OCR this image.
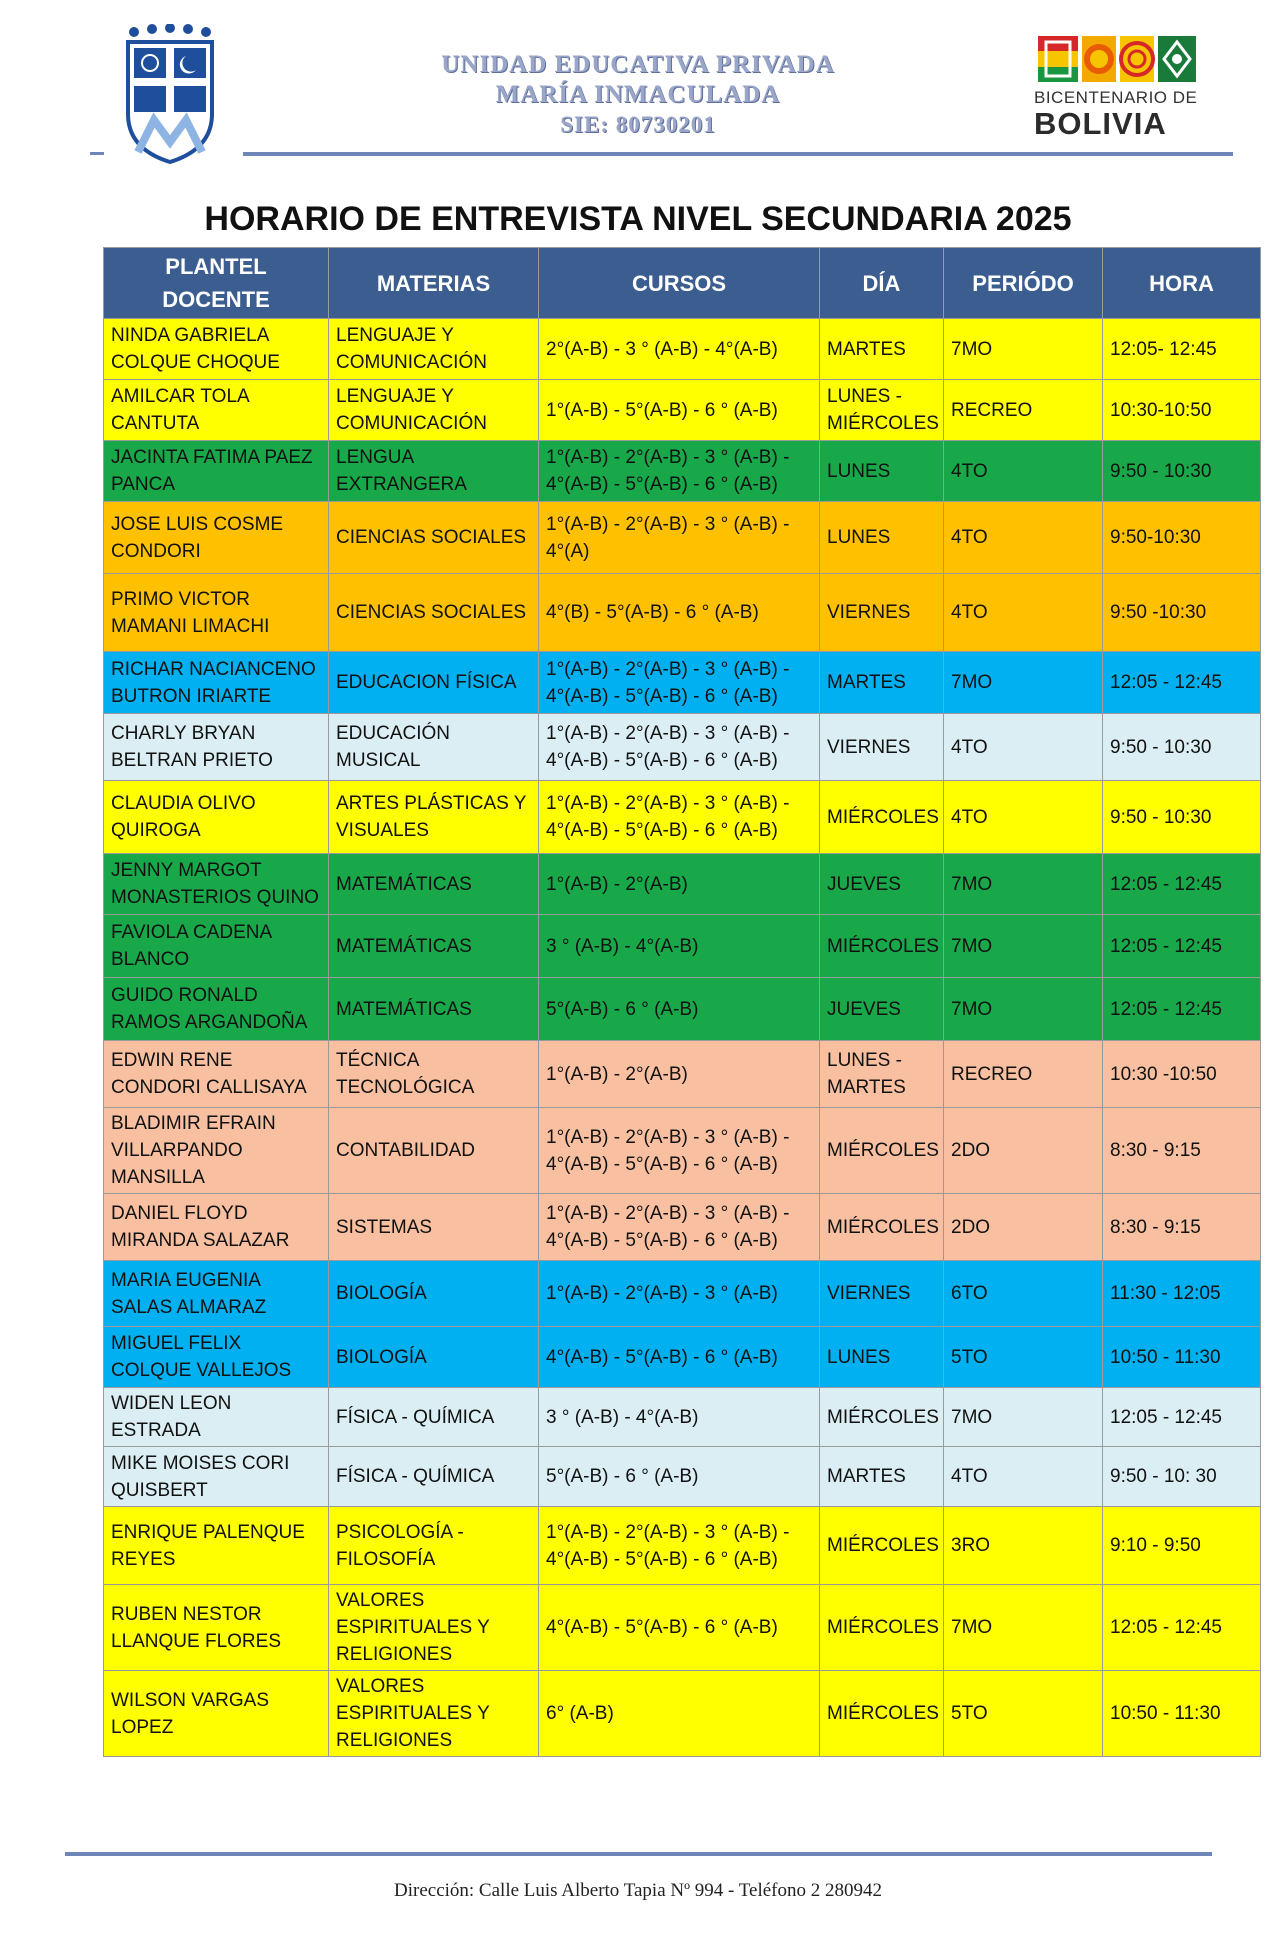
UNIDAD EDUCATIVA PRIVADA
MARÍA INMACULADA
SIE: 80730201
BICENTENARIO DE
BOLIVIA
HORARIO DE ENTREVISTA NIVEL SECUNDARIA 2025
PLANTEL
DOCENTE	MATERIAS	CURSOS	DÍA	PERIÓDO	HORA
NINDA GABRIELA COLQUE CHOQUE	LENGUAJE Y COMUNICACIÓN	2°(A-B) - 3 ° (A-B) - 4°(A-B)	MARTES	7MO	12:05- 12:45
AMILCAR TOLA CANTUTA	LENGUAJE Y COMUNICACIÓN	1°(A-B) - 5°(A-B) - 6 ° (A-B)	LUNES - MIÉRCOLES	RECREO	10:30-10:50
JACINTA FATIMA PAEZ PANCA	LENGUA EXTRANGERA	1°(A-B) - 2°(A-B) - 3 ° (A-B) - 4°(A-B) - 5°(A-B) - 6 ° (A-B)	LUNES	4TO	9:50 - 10:30
JOSE LUIS COSME CONDORI	CIENCIAS SOCIALES	1°(A-B) - 2°(A-B) - 3 ° (A-B) - 4°(A)	LUNES	4TO	9:50-10:30
PRIMO VICTOR MAMANI LIMACHI	CIENCIAS SOCIALES	4°(B) - 5°(A-B) - 6 ° (A-B)	VIERNES	4TO	9:50 -10:30
RICHAR NACIANCENO BUTRON IRIARTE	EDUCACION FÍSICA	1°(A-B) - 2°(A-B) - 3 ° (A-B) - 4°(A-B) - 5°(A-B) - 6 ° (A-B)	MARTES	7MO	12:05 - 12:45
CHARLY BRYAN BELTRAN PRIETO	EDUCACIÓN MUSICAL	1°(A-B) - 2°(A-B) - 3 ° (A-B) - 4°(A-B) - 5°(A-B) - 6 ° (A-B)	VIERNES	4TO	9:50 - 10:30
CLAUDIA OLIVO QUIROGA	ARTES PLÁSTICAS Y VISUALES	1°(A-B) - 2°(A-B) - 3 ° (A-B) - 4°(A-B) - 5°(A-B) - 6 ° (A-B)	MIÉRCOLES	4TO	9:50 - 10:30
JENNY MARGOT MONASTERIOS QUINO	MATEMÁTICAS	1°(A-B) - 2°(A-B)	JUEVES	7MO	12:05 - 12:45
FAVIOLA CADENA BLANCO	MATEMÁTICAS	3 ° (A-B) - 4°(A-B)	MIÉRCOLES	7MO	12:05 - 12:45
GUIDO RONALD RAMOS ARGANDOÑA	MATEMÁTICAS	5°(A-B) - 6 ° (A-B)	JUEVES	7MO	12:05 - 12:45
EDWIN RENE CONDORI CALLISAYA	TÉCNICA TECNOLÓGICA	1°(A-B) - 2°(A-B)	LUNES - MARTES	RECREO	10:30 -10:50
BLADIMIR EFRAIN VILLARPANDO MANSILLA	CONTABILIDAD	1°(A-B) - 2°(A-B) - 3 ° (A-B) - 4°(A-B) - 5°(A-B) - 6 ° (A-B)	MIÉRCOLES	2DO	8:30 - 9:15
DANIEL FLOYD MIRANDA SALAZAR	SISTEMAS	1°(A-B) - 2°(A-B) - 3 ° (A-B) - 4°(A-B) - 5°(A-B) - 6 ° (A-B)	MIÉRCOLES	2DO	8:30 - 9:15
MARIA EUGENIA SALAS ALMARAZ	BIOLOGÍA	1°(A-B) - 2°(A-B) - 3 ° (A-B)	VIERNES	6TO	11:30 - 12:05
MIGUEL FELIX COLQUE VALLEJOS	BIOLOGÍA	4°(A-B) - 5°(A-B) - 6 ° (A-B)	LUNES	5TO	10:50 - 11:30
WIDEN LEON ESTRADA	FÍSICA - QUÍMICA	3 ° (A-B) - 4°(A-B)	MIÉRCOLES	7MO	12:05 - 12:45
MIKE MOISES CORI QUISBERT	FÍSICA - QUÍMICA	5°(A-B) - 6 ° (A-B)	MARTES	4TO	9:50 - 10: 30
ENRIQUE PALENQUE REYES	PSICOLOGÍA - FILOSOFÍA	1°(A-B) - 2°(A-B) - 3 ° (A-B) - 4°(A-B) - 5°(A-B) - 6 ° (A-B)	MIÉRCOLES	3RO	9:10 - 9:50
RUBEN NESTOR LLANQUE FLORES	VALORES ESPIRITUALES Y RELIGIONES	4°(A-B) - 5°(A-B) - 6 ° (A-B)	MIÉRCOLES	7MO	12:05 - 12:45
WILSON VARGAS LOPEZ	VALORES ESPIRITUALES Y RELIGIONES	6° (A-B)	MIÉRCOLES	5TO	10:50 - 11:30
Dirección: Calle Luis Alberto Tapia Nº 994 - Teléfono 2 280942
